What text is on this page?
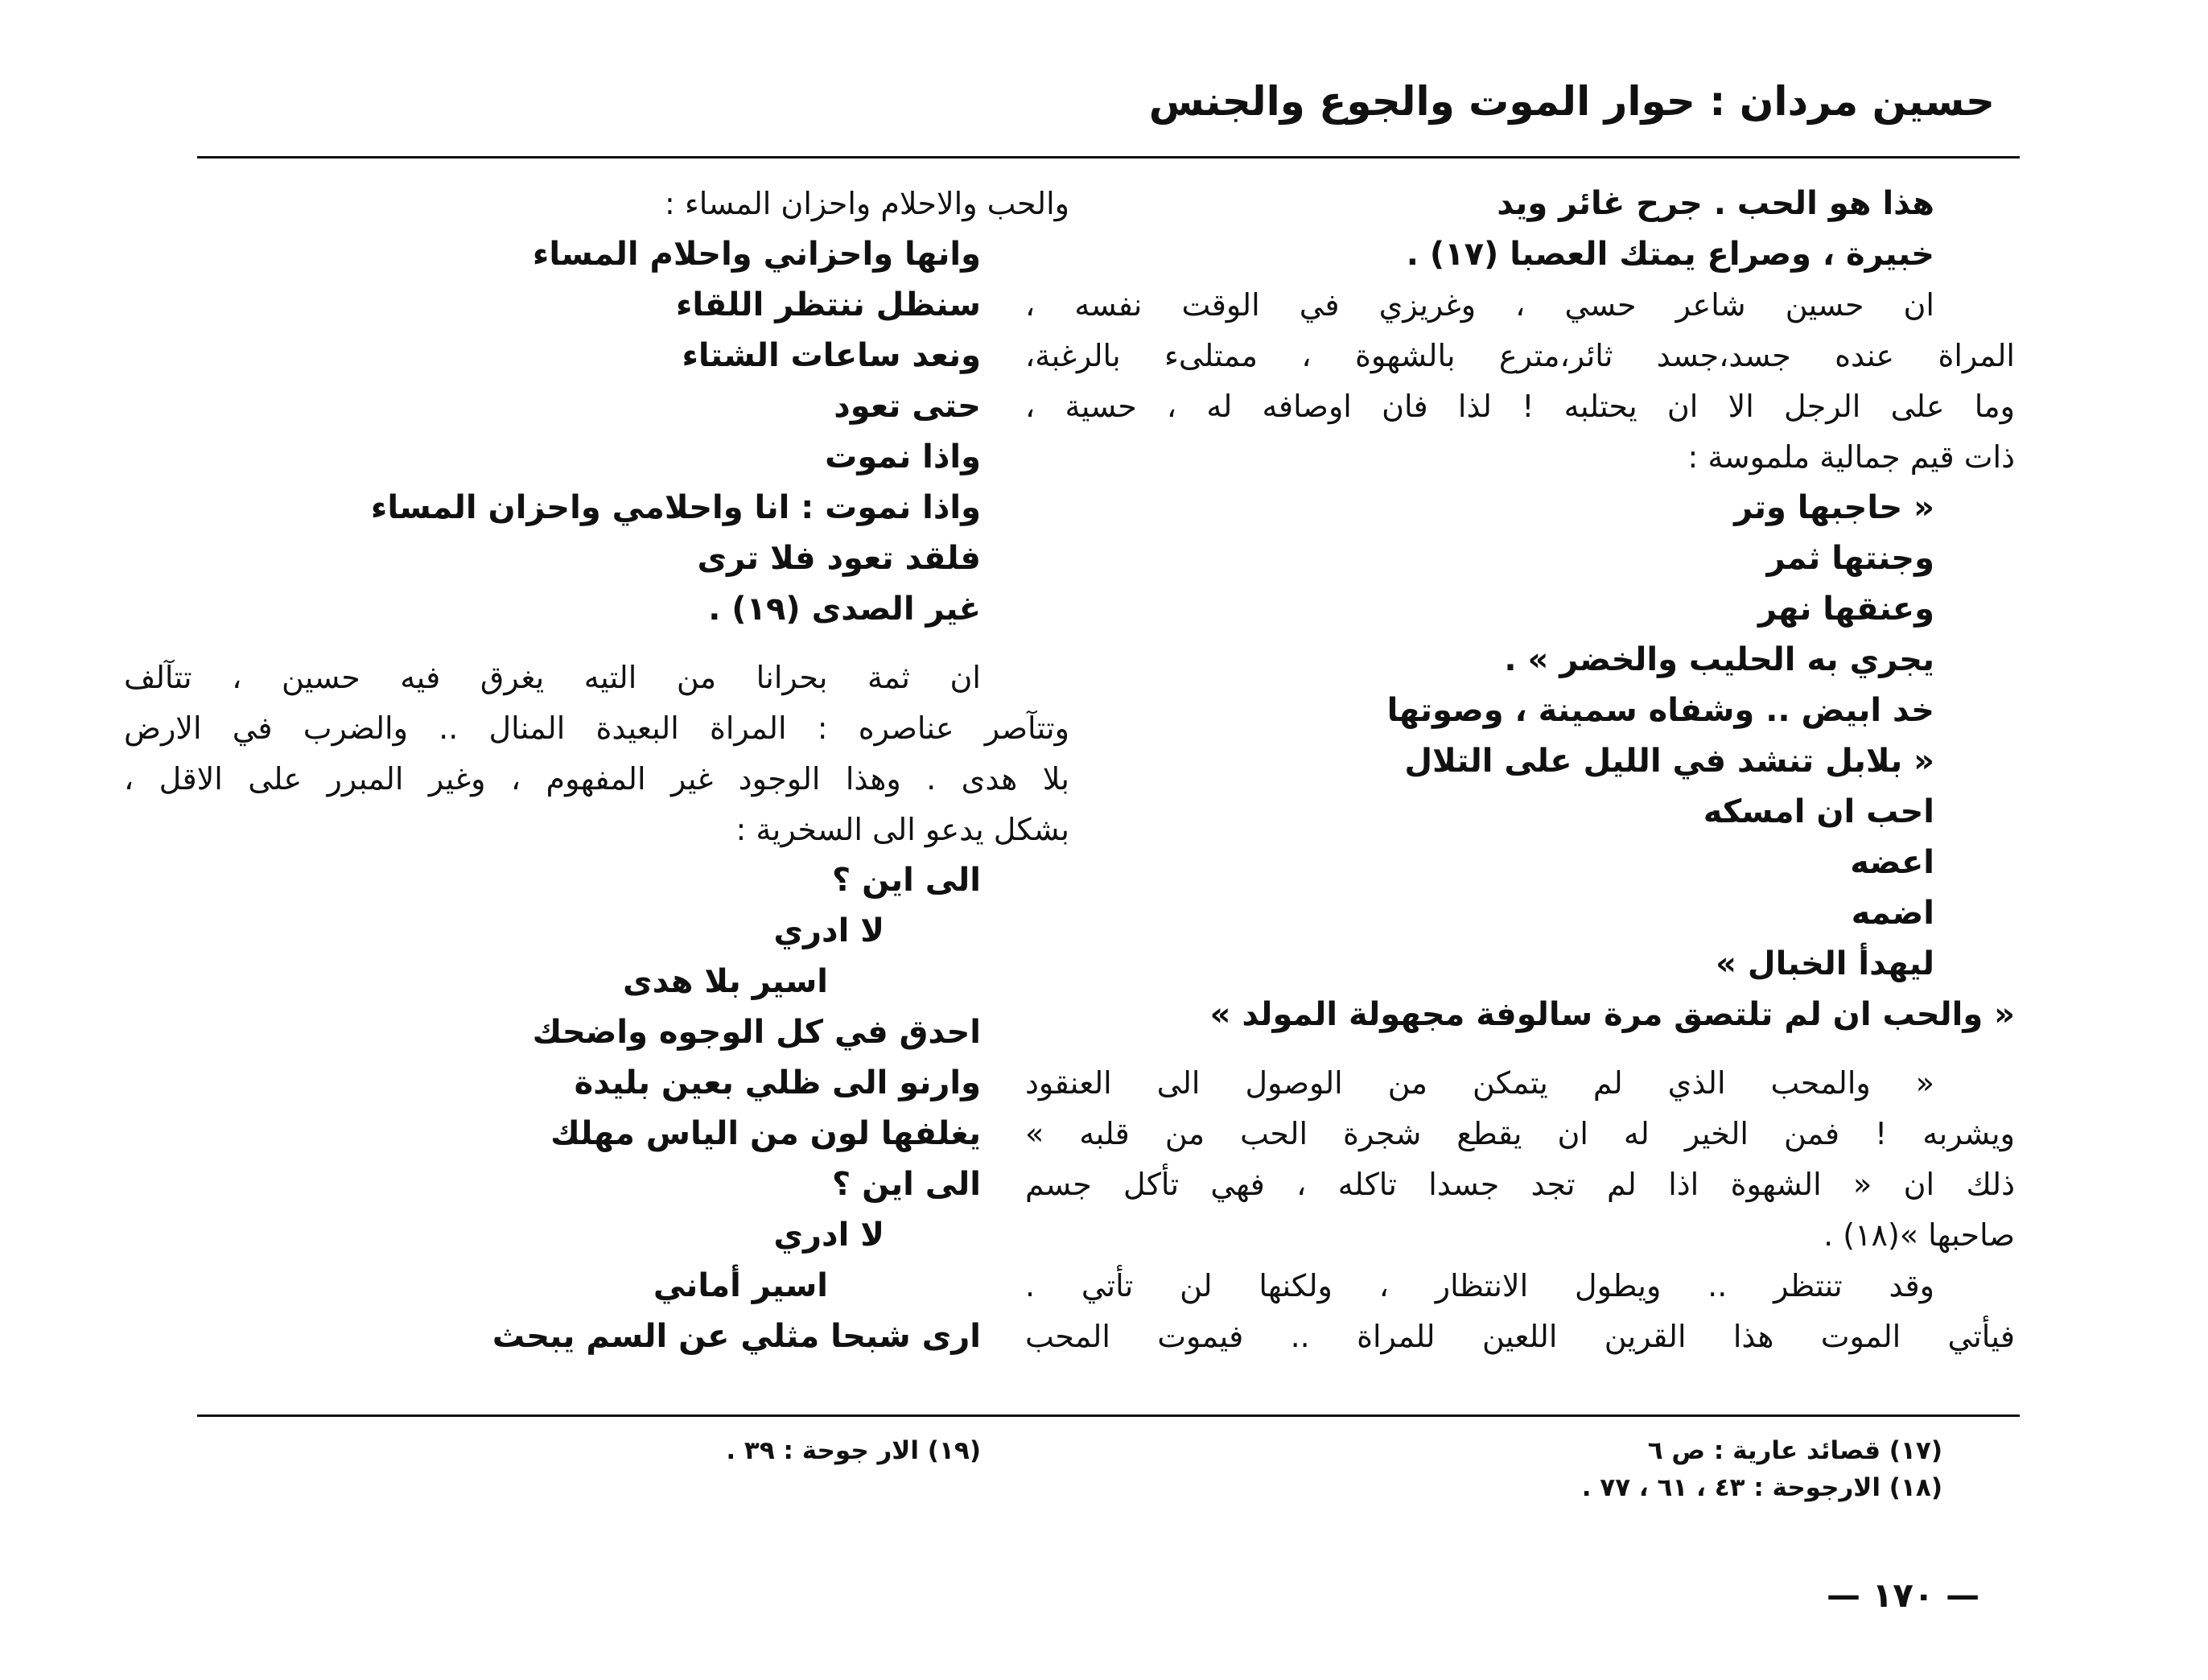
حسين مردان : حوار الموت والجوع والجنس
هذا هو الحب . جرح غائر ويد
خبيرة ، وصراع يمتك العصبا (١٧) .
ان حسين شاعر حسي ، وغريزي في الوقت نفسه ،
المراة عنده جسد،جسد ثائر،مترع بالشهوة ، ممتلىء بالرغبة،
وما على الرجل الا ان يحتلبه ! لذا فان اوصافه له ، حسية ،
ذات قيم جمالية ملموسة :
« حاجبها وتر
وجنتها ثمر
وعنقها نهر
يجري به الحليب والخضر » .
خد ابيض .. وشفاه سمينة ، وصوتها
« بلابل تنشد في الليل على التلال
احب ان امسكه
اعضه
اضمه
ليهدأ الخبال »
« والحب ان لم تلتصق مرة سالوفة مجهولة المولد »
« والمحب الذي لم يتمكن من الوصول الى العنقود
ويشربه ! فمن الخير له ان يقطع شجرة الحب من قلبه »
ذلك ان « الشهوة اذا لم تجد جسدا تاكله ، فهي تأكل جسم
صاحبها »(١٨) .
وقد تنتظر .. ويطول الانتظار ، ولكنها لن تأتي .
فيأتي الموت هذا القرين اللعين للمراة .. فيموت المحب
والحب والاحلام واحزان المساء :
وانها واحزاني واحلام المساء
سنظل ننتظر اللقاء
ونعد ساعات الشتاء
حتى تعود
واذا نموت
واذا نموت : انا واحلامي واحزان المساء
فلقد تعود فلا ترى
غير الصدى (١٩) .
ان ثمة بحرانا من التيه يغرق فيه حسين ، تتآلف
وتتآصر عناصره : المراة البعيدة المنال .. والضرب في الارض
بلا هدى . وهذا الوجود غير المفهوم ، وغير المبرر على الاقل ،
بشكل يدعو الى السخرية :
الى اين ؟
لا ادري
اسير بلا هدى
احدق في كل الوجوه واضحك
وارنو الى ظلي بعين بليدة
يغلفها لون من الياس مهلك
الى اين ؟
لا ادري
اسير أماني
ارى شبحا مثلي عن السم يبحث
(١٧) قصائد عارية : ص ٦
(١٨) الارجوحة : ٤٣ ، ٦١ ، ٧٧ .
(١٩) الار جوحة : ٣٩ .
— ١٧٠ —
